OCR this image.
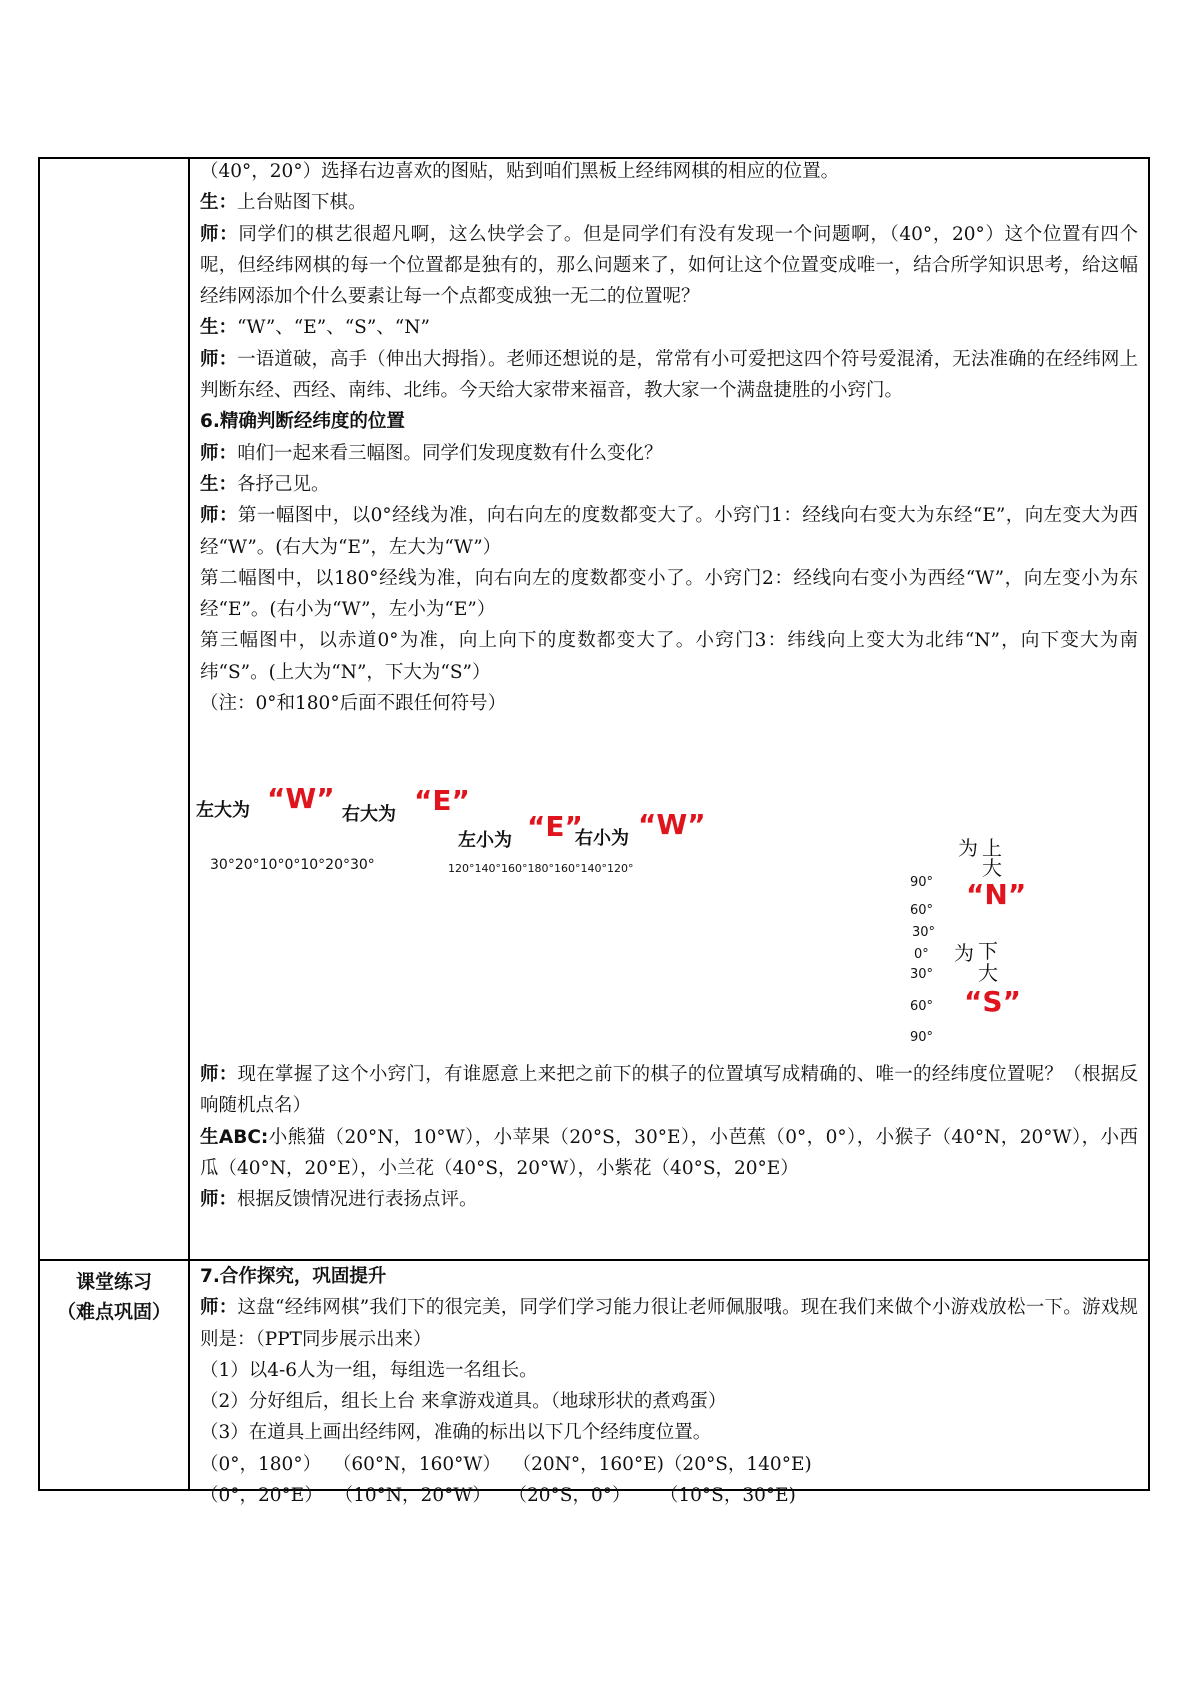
（40°，20°）选择右边喜欢的图贴，贴到咱们黑板上经纬网棋的相应的位置。

生：上台贴图下棋。

师：同学们的棋艺很超凡啊，这么快学会了。但是同学们有没有发现一个问题啊，（40°，20°）这个位置有四个呢，但经纬网棋的每一个位置都是独有的，那么问题来了，如何让这个位置变成唯一，结合所学知识思考，给这幅经纬网添加个什么要素让每一个点都变成独一无二的位置呢？

生：“W”、“E”、“S”、“N”

师：一语道破，高手（伸出大拇指）。老师还想说的是，常常有小可爱把这四个符号爱混淆，无法准确的在经纬网上判断东经、西经、南纬、北纬。今天给大家带来福音，教大家一个满盘捷胜的小窍门。

6.精确判断经纬度的位置

师：咱们一起来看三幅图。同学们发现度数有什么变化？

生：各抒己见。

师：第一幅图中，以0°经线为准，向右向左的度数都变大了。小窍门1：经线向右变大为东经“E”，向左变大为西经“W”。(右大为“E”，左大为“W”）

第二幅图中，以180°经线为准，向右向左的度数都变小了。小窍门2：经线向右变小为西经“W”，向左变小为东经“E”。(右小为“W”，左小为“E”）

第三幅图中，以赤道0°为准，向上向下的度数都变大了。小窍门3：纬线向上变大为北纬“N”，向下变大为南纬“S”。(上大为“N”，下大为“S”）

（注：0°和180°后面不跟任何符号）

左大为 “W” 右大为 “E”
左小为 “E”
右小为 “W”
30°20°10°0°10°20°30°	120°140°160°180°160°140°120°
为 上
大
“N”
为 下
大
“S”
90°
60°
30°
0°
30°
60°
90°

师：现在掌握了这个小窍门，有谁愿意上来把之前下的棋子的位置填写成精确的、唯一的经纬度位置呢？（根据反响随机点名）

生ABC:小熊猫（20°N，10°W），小苹果（20°S，30°E），小芭蕉（0°，0°），小猴子（40°N，20°W），小西瓜（40°N，20°E），小兰花（40°S，20°W），小紫花（40°S，20°E）

师：根据反馈情况进行表扬点评。

课堂练习
（难点巩固）

7.合作探究，巩固提升

师：这盘“经纬网棋”我们下的很完美，同学们学习能力很让老师佩服哦。现在我们来做个小游戏放松一下。游戏规则是：（PPT同步展示出来）

（1）以4-6人为一组，每组选一名组长。

（2）分好组后，组长上台 来拿游戏道具。（地球形状的煮鸡蛋）

（3）在道具上画出经纬网，准确的标出以下几个经纬度位置。

（0°，180°）  （60°N，160°W）  （20N°，160°E)（20°S，140°E)

（0°，20°E）  （10°N，20°W）   （20°S，0°）     （10°S，30°E)
